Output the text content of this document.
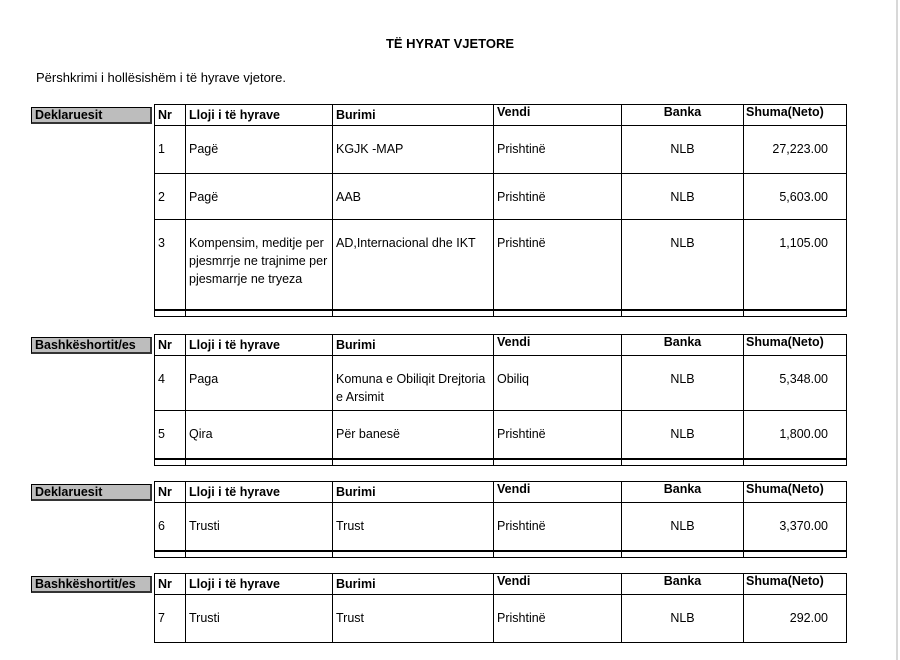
TË HYRAT VJETORE
Përshkrimi i hollësishëm i të hyrave vjetore.
Deklaruesit	Nr	Lloji i të hyrave	Burimi	Vendi	Banka	Shuma(Neto)
1	Pagë	KGJK -MAP	Prishtinë	NLB	27,223.00
2	Pagë	AAB	Prishtinë	NLB	5,603.00
3	Kompensim, meditje per pjesmrrje ne trajnime per pjesmarrje ne tryeza	AD,Internacional dhe IKT	Prishtinë	NLB	1,105.00

Bashkëshortit/es	Nr	Lloji i të hyrave	Burimi	Vendi	Banka	Shuma(Neto)
4	Paga	Komuna e Obiliqit Drejtoria e Arsimit	Obiliq	NLB	5,348.00
5	Qira	Për banesë	Prishtinë	NLB	1,800.00

Deklaruesit	Nr	Lloji i të hyrave	Burimi	Vendi	Banka	Shuma(Neto)
6	Trusti	Trust	Prishtinë	NLB	3,370.00

Bashkëshortit/es	Nr	Lloji i të hyrave	Burimi	Vendi	Banka	Shuma(Neto)
7	Trusti	Trust	Prishtinë	NLB	292.00
